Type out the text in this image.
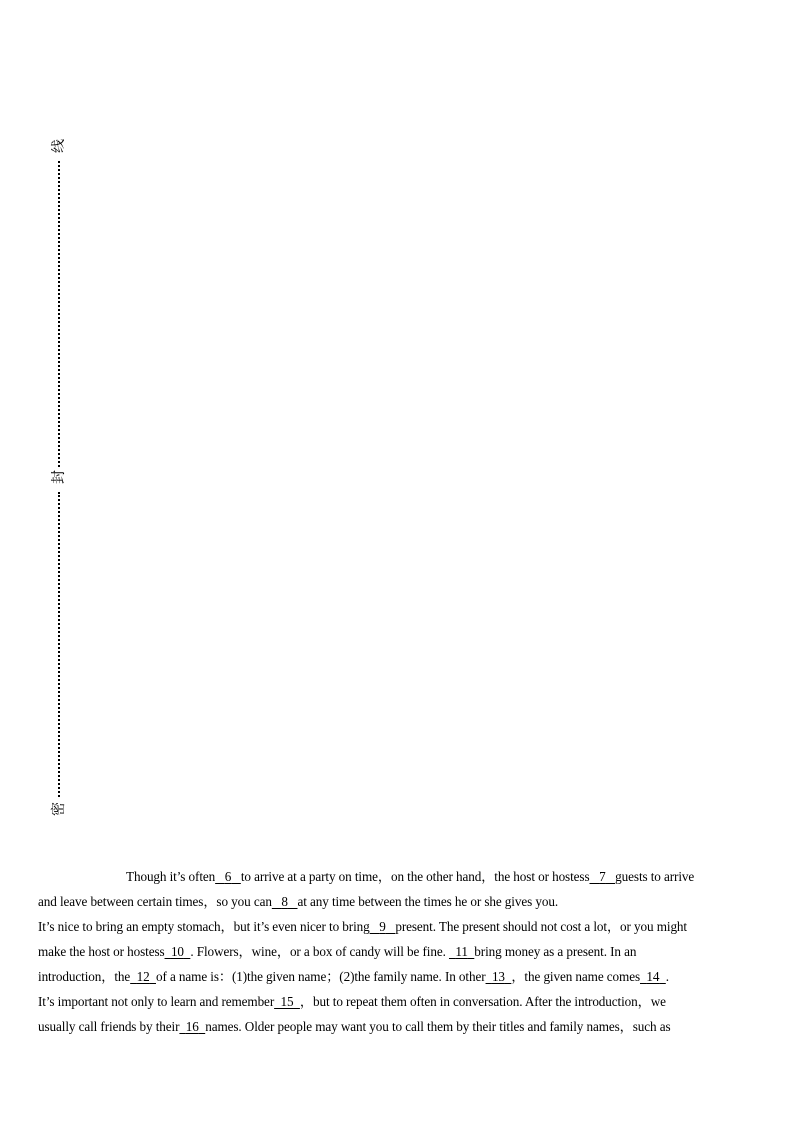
线
封
密
Though it’s often 6 to arrive at a party on time，on the other hand，the host or hostess 7 guests to arrive
and leave between certain times，so you can 8 at any time between the times he or she gives you.
It’s nice to bring an empty stomach，but it’s even nicer to bring 9 present. The present should not cost a lot，or you might
make the host or hostess 10 . Flowers，wine，or a box of candy will be fine.   11 bring money as a present. In an
introduction，the 12 of a name is：(1)the given name；(2)the family name. In other 13 ，the given name comes 14 .
It’s important not only to learn and remember 15 ，but to repeat them often in conversation. After the introduction，we
usually call friends by their 16 names. Older people may want you to call them by their titles and family names，such as
